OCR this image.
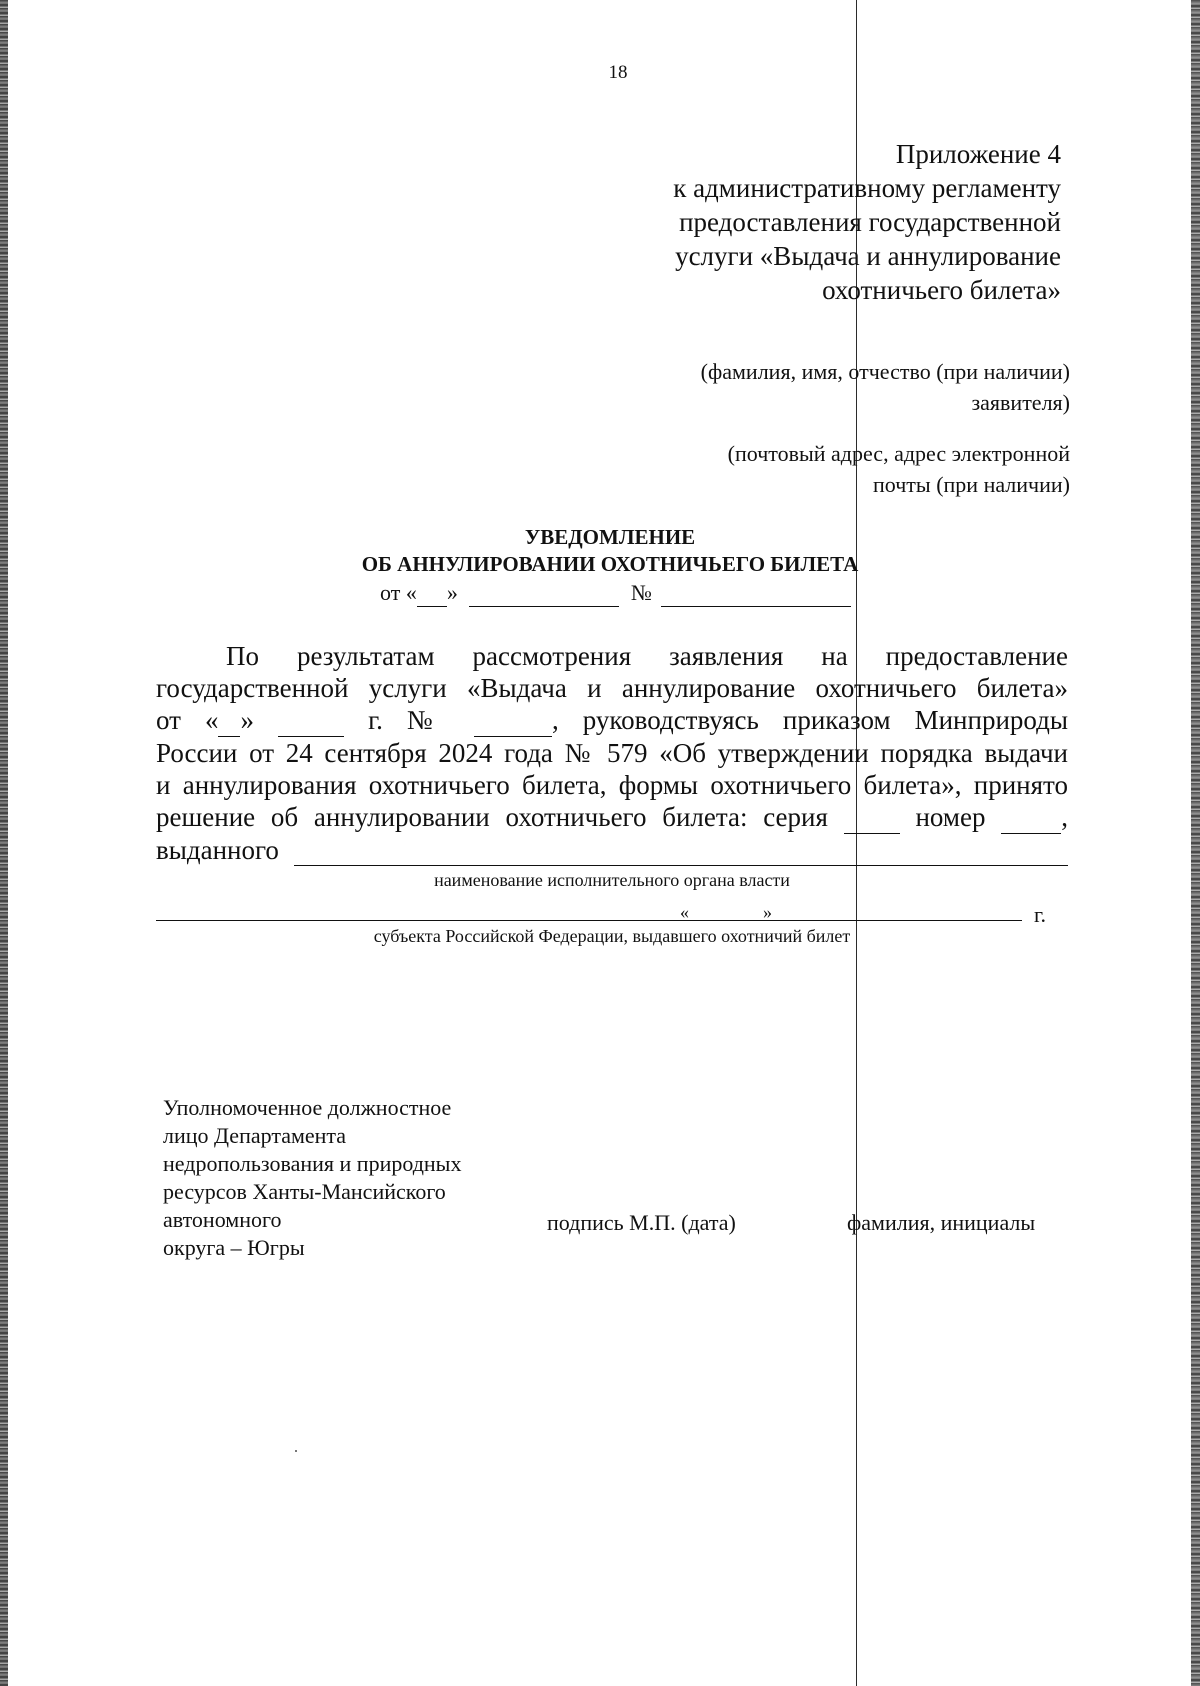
18
Приложение 4
к административному регламенту
предоставления государственной
услуги «Выдача и аннулирование
охотничьего билета»
(фамилия, имя, отчество (при наличии)
заявителя)
(почтовый адрес, адрес электронной
почты (при наличии)
УВЕДОМЛЕНИЕ
ОБ АННУЛИРОВАНИИ ОХОТНИЧЬЕГО БИЛЕТА
от « »	№
По результатам рассмотрения заявления на предоставление
государственной услуги «Выдача и аннулирование охотничьего билета»
от « »	г. №	, руководствуясь приказом Минприроды
России от 24 сентября 2024 года № 579 «Об утверждении порядка выдачи
и аннулирования охотничьего билета, формы охотничьего билета», принято
решение об аннулировании охотничьего билета: серия	номер	,
выданного
наименование исполнительного органа власти
«	»	г.
субъекта Российской Федерации, выдавшего охотничий билет
Уполномоченное должностное
лицо Департамента
недропользования и природных
ресурсов Ханты-Мансийского
автономного
округа – Югры
подпись М.П. (дата)	фамилия, инициалы
